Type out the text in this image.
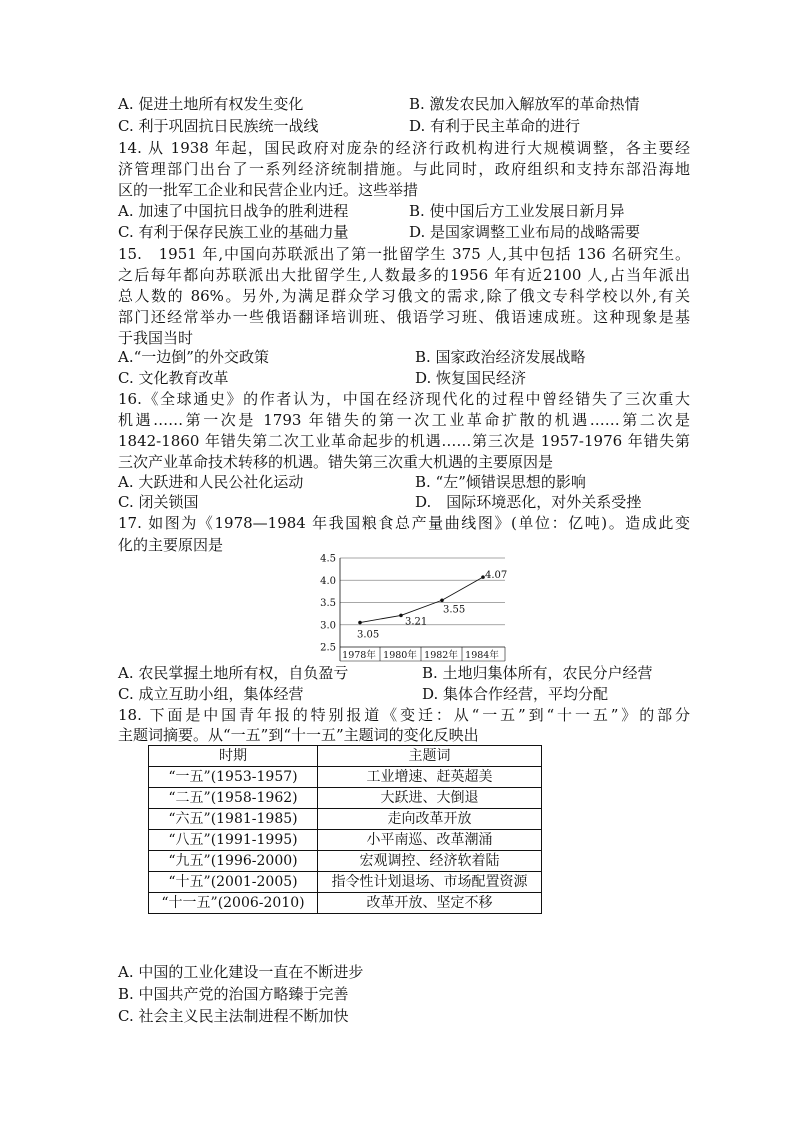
A. 促进土地所有权发生变化	B. 激发农民加入解放军的革命热情
C. 利于巩固抗日民族统一战线	D. 有利于民主革命的进行
14. 从 1938 年起，国民政府对庞杂的经济行政机构进行大规模调整，各主要经
济管理部门出台了一系列经济统制措施。与此同时，政府组织和支持东部沿海地
区的一批军工企业和民营企业内迁。这些举措
A. 加速了中国抗日战争的胜利进程	B. 使中国后方工业发展日新月异
C. 有利于保存民族工业的基础力量	D. 是国家调整工业布局的战略需要
15.　1951 年,中国向苏联派出了第一批留学生 375 人,其中包括 136 名研究生。
之后每年都向苏联派出大批留学生,人数最多的1956 年有近2100 人,占当年派出
总人数的 86%。另外,为满足群众学习俄文的需求,除了俄文专科学校以外,有关
部门还经常举办一些俄语翻译培训班、俄语学习班、俄语速成班。这种现象是基
于我国当时
A.“一边倒”的外交政策	B. 国家政治经济发展战略
C. 文化教育改革	D. 恢复国民经济
16.《全球通史》的作者认为，中国在经济现代化的过程中曾经错失了三次重大
机遇……第一次是 1793 年错失的第一次工业革命扩散的机遇……第二次是
1842-1860 年错失第二次工业革命起步的机遇……第三次是 1957-1976 年错失第
三次产业革命技术转移的机遇。错失第三次重大机遇的主要原因是
A. 大跃进和人民公社化运动	B. “左”倾错误思想的影响
C. 闭关锁国	D.　国际环境恶化，对外关系受挫
17. 如图为《1978—1984 年我国粮食总产量曲线图》(单位：亿吨)。造成此变
化的主要原因是
2.5
3.0
3.5
4.0
4.5
1978年 1980年 1982年 1984年
3.05
3.21
3.55
4.07
A. 农民掌握土地所有权，自负盈亏	B. 土地归集体所有，农民分户经营
C. 成立互助小组，集体经营	D. 集体合作经营，平均分配
18. 下面是中国青年报的特别报道《变迁：从“一五”到“十一五”》的部分
主题词摘要。从“一五”到“十一五”主题词的变化反映出
时期	主题词
“一五”(1953-1957)	工业增速、赶英超美
“二五”(1958-1962)	大跃进、大倒退
“六五”(1981-1985)	走向改革开放
“八五”(1991-1995)	小平南巡、改革潮涌
“九五”(1996-2000)	宏观调控、经济软着陆
“十五”(2001-2005)	指令性计划退场、市场配置资源
“十一五”(2006-2010)	改革开放、坚定不移
A. 中国的工业化建设一直在不断进步
B. 中国共产党的治国方略臻于完善
C. 社会主义民主法制进程不断加快
